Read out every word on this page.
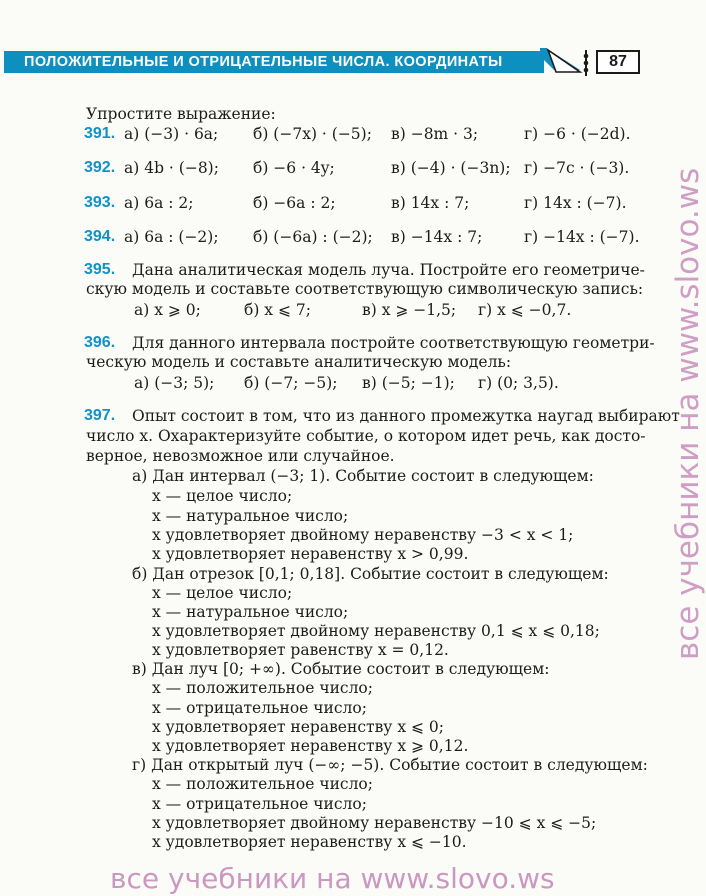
ПОЛОЖИТЕЛЬНЫЕ И ОТРИЦАТЕЛЬНЫЕ ЧИСЛА. КООРДИНАТЫ	87
Упростите выражение:
391. а) (−3) · 6a; б) (−7x) · (−5); в) −8m · 3;	г) −6 · (−2d).
392. а) 4b · (−8); б) −6 · 4y;	в) (−4) · (−3n); г) −7c · (−3).
393. а) 6a : 2;	б) −6a : 2;	в) 14x : 7;	г) 14x : (−7).
394. а) 6a : (−2); б) (−6a) : (−2); в) −14x : 7;	г) −14x : (−7).
395. Дана аналитическая модель луча. Постройте его геометриче-
скую модель и составьте соответствующую символическую запись:
а) x ⩾ 0;	б) x ⩽ 7;	в) x ⩾ −1,5; г) x ⩽ −0,7.
396. Для данного интервала постройте соответствующую геометри-
ческую модель и составьте аналитическую модель:
а) (−3; 5); б) (−7; −5); в) (−5; −1); г) (0; 3,5).
397. Опыт состоит в том, что из данного промежутка наугад выбирают
число x. Охарактеризуйте событие, о котором идет речь, как досто-
верное, невозможное или случайное.
а) Дан интервал (−3; 1). Событие состоит в следующем:
x — целое число;
x — натуральное число;
x удовлетворяет двойному неравенству −3 < x < 1;
x удовлетворяет неравенству x > 0,99.
б) Дан отрезок [0,1; 0,18]. Событие состоит в следующем:
x — целое число;
x — натуральное число;
x удовлетворяет двойному неравенству 0,1 ⩽ x ⩽ 0,18;
x удовлетворяет равенству x = 0,12.
в) Дан луч [0; +∞). Событие состоит в следующем:
x — положительное число;
x — отрицательное число;
x удовлетворяет неравенству x ⩽ 0;
x удовлетворяет неравенству x ⩾ 0,12.
г) Дан открытый луч (−∞; −5). Событие состоит в следующем:
x — положительное число;
x — отрицательное число;
x удовлетворяет двойному неравенству −10 ⩽ x ⩽ −5;
x удовлетворяет неравенству x ⩽ −10.
все учебники на www.slovo.ws
все учебники на www.slovo.ws
